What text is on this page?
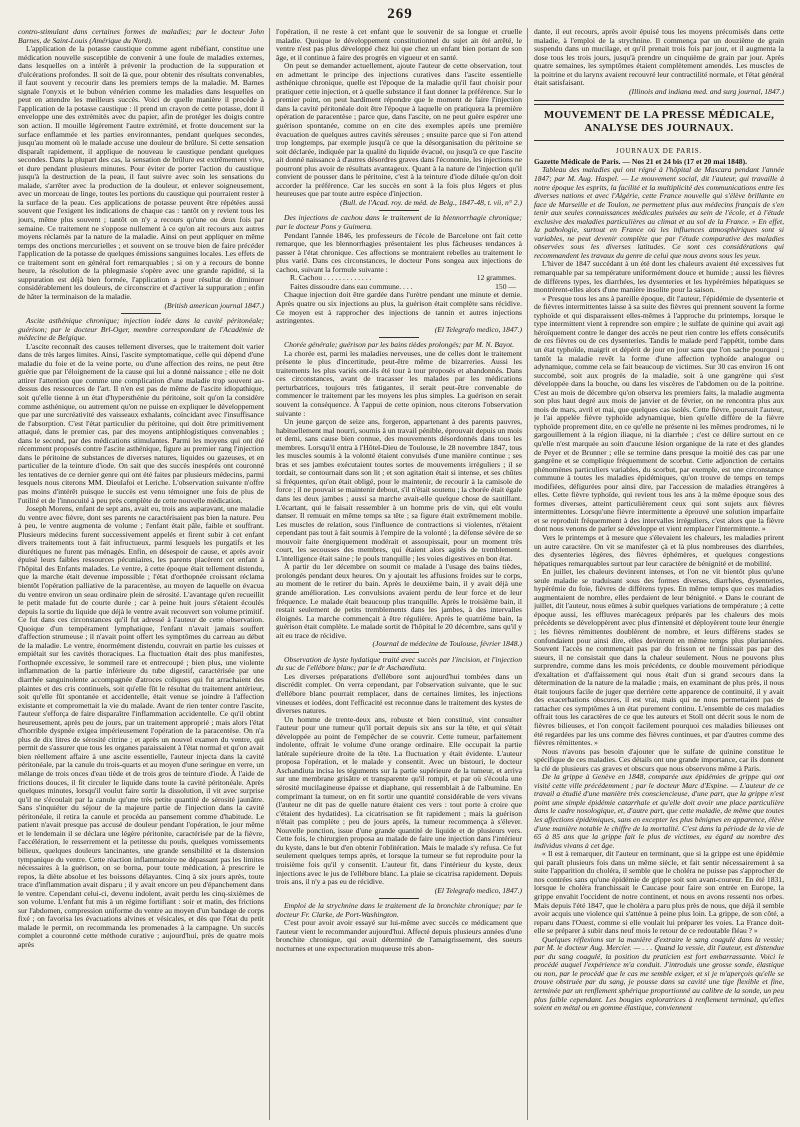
269

contro-stimulant dans certaines formes de maladies; par le docteur John Barnes, de Saint-Louis (Amérique du Nord).

L'application de la potasse caustique comme agent rubéfiant, constitue une médication nouvelle susceptible de convenir à une foule de maladies externes, dans lesquelles on a intérêt à prévenir la production de la suppuration et d'ulcérations profondes. Il soit de là que, pour obtenir des résultats convenables, il faut souvent y recourir dans les premiers temps de la maladie. M. Barnes signale l'onyxis et le bubon vénérien comme les maladies dans lesquelles on peut en attendre les meilleurs succès. Voici de quelle manière il procède à l'application de la potasse caustique : il prend un crayon de cette potasse, dont il enveloppe une des extrémités avec du papier, afin de protéger les doigts contre son action. Il mouille légèrement l'autre extrémité, et frotte doucement sur la surface enflammée et les parties environnantes, pendant quelques secondes, jusqu'au moment où le malade accuse une douleur de brûlure. Si cette sensation disparaît rapidement, il applique de nouveau le caustique pendant quelques secondes. Dans la plupart des cas, la sensation de brûlure est extrêmement vive, et dure pendant plusieurs minutes. Pour éviter de porter l'action du caustique jusqu'à la destruction de la peau, il faut suivre avec soin les sensations du malade, s'arrêter avec la production de la douleur, et enlever soigneusement, avec un morceau de linge, toutes les portions du caustique qui pourraient rester à la surface de la peau. Ces applications de potasse peuvent être répétées aussi souvent que l'exigent les indications de chaque cas : tantôt on y revient tous les jours, même plus souvent ; tantôt on n'y a recours qu'une ou deux fois par semaine. Ce traitement ne s'oppose nullement à ce qu'on ait recours aux autres moyens réclamés par la nature de la maladie. Ainsi on peut appliquer en même temps des onctions mercurielles ; et souvent on se trouve bien de faire précéder l'application de la potasse de quelques émissions sanguines locales. Les effets de ce traitement sont en général fort remarquables ; si on y a recours de bonne heure, la résolution de la phlegmasie s'opère avec une grande rapidité, si la suppuration est déjà bien formée, l'application a pour résultat de diminuer considérablement les douleurs, de circonscrire et d'activer la suppuration ; enfin de hâter la terminaison de la maladie.

(British american journal 1847.)

Ascite asthénique chronique; injection iodée dans la cavité péritonéale; guérison; par le docteur Brl-Oger, membre correspondant de l'Académie de médecine de Belgique.

L'ascite reconnaît des causes tellement diverses, que le traitement doit varier dans de très larges limites. Ainsi, l'ascite symptomatique, celle qui dépend d'une maladie du foie et de la veine porte, ou d'une affection des reins, ne peut être guérie que par l'éloignement de la cause qui lui a donné naissance ; elle ne doit attirer l'attention que comme une complication d'une maladie trop souvent au-dessus des ressources de l'art. Il n'en est pas de même de l'ascite idiopathique, soit qu'elle tienne à un état d'hypersthénie du péritoine, soit qu'on la considère comme asthénique, ou autrement qu'on ne puisse en expliquer le développement que par une surcréativité des vaisseaux exhalants, coïncidant avec l'insuffisance de l'absorption. C'est l'état particulier du péritoine, qui doit être primitivement attaqué, dans le premier cas, par des moyens antiphlogistiques convenables ; dans le second, par des médications stimulantes. Parmi les moyens qui ont été récemment proposés contre l'ascite asthénique, figure au premier rang l'injection dans le péritoine de substances de diverses natures, liquides ou gazeuses, et en particulier de la teinture d'iode. On sait que des succès inespérés ont couronné les tentatives de ce dernier genre qui ont été faites par plusieurs médecins, parmi lesquels nous citerons MM. Dieulafoi et Leriche. L'observation suivante n'offre pas moins d'intérêt puisque le succès est venu témoigner une fois de plus de l'utilité et de l'innocuité à peu près complète de cette nouvelle médication.

Joseph Morens, enfant de sept ans, avait eu, trois ans auparavant, une maladie du ventre avec fièvre, dont ses parents ne caractérisaient pas bien la nature. Peu à peu, le ventre augmenta de volume ; l'enfant était pâle, faible et souffrant. Plusieurs médecins furent successivement appelés et firent subir à cet enfant divers traitements tout à fait infructueux, parmi lesquels les purgatifs et les diurétiques ne furent pas ménagés. Enfin, en désespoir de cause, et après avoir épuisé leurs faibles ressources pécuniaires, les parents placèrent cet enfant à l'hôpital des Enfants malades. Le ventre, à cette époque était tellement distendu, que la marche était devenue impossible ; l'état d'orthopnée croissant réclama bientôt l'opération palliative de la paracentèse, au moyen de laquelle on évacua du ventre environ un seau ordinaire plein de sérosité. L'avantage qu'en recueillit le petit malade fut de courte durée ; car à peine huit jours s'étaient écoulés depuis la sortie du liquide que déjà le ventre avait recouvert son volume primitif. Ce fut dans ces circonstances qu'il fut adressé à l'auteur de cette observation. Quoique d'un tempérament lymphatique, l'enfant n'avait jamais souffert d'affection strumeuse ; il n'avait point offert les symptômes du carreau au début de la maladie. Le ventre, énormément distendu, couvrait en partie les cuisses et empiétait sur les cavités thoraciques. La fluctuation était des plus manifestes, l'orthopnée excessive, le sommeil rare et entrecoupé ; bien plus, une violente inflammation de la partie inférieure du tube digestif, caractérisée par une diarrhée sanguinolente accompagnée d'atroces coliques qui fut arrachaient des plaintes et des cris continuels, soit qu'elle fût le résultat du traitement antérieur, soit qu'elle fût spontanée et accidentelle, était venue se joindre à l'affection existante et compromettait la vie du malade. Avant de rien tenter contre l'ascite, l'auteur s'efforça de faire disparaître l'inflammation accidentelle. Ce qu'il obtint heureusement, après peu de jours, par un traitement approprié ; mais alors l'état d'horrible dyspnée exigea impérieusement l'opération de la paracentèse. On n'a plus de dix litres de sérosité citrine ; et après un nouvel examen du ventre, qui permit de s'assurer que tous les organes paraissaient à l'état normal et qu'on avait bien réellement affaire à une ascite essentielle, l'auteur injecta dans la cavité péritonéale, par la canule du trois-quarts et au moyen d'une seringue en verre, un mélange de trois onces d'eau tiède et de trois gros de teinture d'iode. À l'aide de frictions douces, il fit circuler le liquide dans toute la cavité péritonéale. Après quelques minutes, lorsqu'il voulut faire sortir la dissolution, il vit avec surprise qu'il ne s'écoulait par la canule qu'une très petite quantité de sérosité jaunâtre. Sans s'inquiéter du séjour de la majeure partie de l'injection dans la cavité péritonéale, il retira la canule et procéda au pansement comme d'habitude. Le patient n'avait presque pas accusé de douleur pendant l'opération, le jour même et le lendemain il se déclara une légère péritonite, caractérisée par de la fièvre, l'accélération, le resserrement et la petitesse du pouls, quelques vomissements bilieux, quelques douleurs lancinantes, une grande sensibilité et la distension tympanique du ventre. Cette réaction inflammatoire ne dépassant pas les limites nécessaires à la guérison, on se borna, pour toute médication, à prescrire le repos, la diète absolue et les boissons délayantes. Cinq à six jours après, toute trace d'inflammation avait disparu ; il y avait encore un peu d'épanchement dans le ventre. Cependant celui-ci, devenu indolent, avait perdu les cinq-sixièmes de son volume. L'enfant fut mis à un régime fortifiant : soir et matin, des frictions sur l'abdomen, compression uniforme du ventre au moyen d'un bandage de corps fixé ; on favorisa les évacuations alvines et vésicales, et dès que l'état du petit malade le permit, on recommanda les promenades à la campagne. Un succès complet a couronné cette méthode curative ; aujourd'hui, près de quatre mois après

l'opération, il ne reste à cet enfant que le souvenir de sa longue et cruelle maladie. Quoique le développement constitutionnel du sujet ait été arrêté, le ventre n'est pas plus développé chez lui que chez un enfant bien portant de son âge, et il continue à faire des progrès en vigueur et en santé.

On peut se demander actuellement, ajoute l'auteur de cette observation, tout en admettant le principe des injections curatives dans l'ascite essentielle asthénique chronique, quelle est l'époque de la maladie qu'il faut choisir pour pratiquer cette injection, et à quelle substance il faut donner la préférence. Sur le premier point, on peut hardiment répondre que le moment de faire l'injection dans la cavité péritonéale doit être l'époque à laquelle on pratiquera la première opération de paracentèse ; parce que, dans l'ascite, on ne peut guère espérer une guérison spontanée, comme on en cite des exemples après une première évacuation de quelques autres cavités séreuses ; ensuite parce que si l'on attend trop longtemps, par exemple jusqu'à ce que la désorganisation du péritoine se soit déclarée, indiquée par la qualité du liquide évacué, ou jusqu'à ce que l'ascite ait donné naissance à d'autres désordres graves dans l'économie, les injections ne pourront plus avoir de résultats avantageux. Quant à la nature de l'injection qu'il convient de pousser dans le péritoine, c'est à la teinture d'iode diluée qu'on doit accorder la préférence. Car les succès en sont à la fois plus légers et plus heureuses que par toute autre espèce d'injection.

(Bull. de l'Acad. roy. de méd. de Belg., 1847-48, t. vii, n° 2.)

Des injections de cachou dans le traitement de la blennorrhagie chronique; par le docteur Pons y Guimera.

Pendant l'année 1846, les professeurs de l'école de Barcelone ont fait cette remarque, que les blennorrhagies présentaient les plus fâcheuses tendances à passer à l'état chronique. Ces affections se montraient rebelles au traitement le plus varié. Dans ces circonstances, le docteur Pons songea aux injections de cachou, suivant la formule suivante :

R. Cachou . . . . . . . . . . . . .	12 grammes.
Faites dissoudre dans eau commune. . . .	150 —

Chaque injection doit être gardée dans l'urètre pendant une minute et demie. Après quatre ou six injections au plus, la guérison était complète sans récidive. Ce moyen est à rapprocher des injections de tannin et autres injections astringentes.

(El Telegrafo medico, 1847.)

Chorée générale; guérison par les bains tièdes prolongés; par M. N. Bayot.

La chorée est, parmi les maladies nerveuses, une de celles dont le traitement présente le plus d'incertitude, peut-être même de bizarreries. Aussi les traitements les plus variés ont-ils été tour à tour proposés et abandonnés. Dans ces circonstances, avant de tracasser les malades par les médications perturbatrices, toujours très fatigantes, il serait peut-être convenable de commencer le traitement par les moyens les plus simples. La guérison en serait souvent la conséquence. À l'appui de cette opinion, nous citerons l'observation suivante :

Un jeune garçon de seize ans, forgeron, appartenant à des parents pauvres, habituellement mal nourri, soumis à un travail pénible, éprouvait depuis un mois et demi, sans cause bien connue, des mouvements désordonnés dans tous les membres. Lorsqu'il entra à l'Hôtel-Dieu de Toulouse, le 28 novembre 1847, tous les muscles soumis à la volonté étaient convulsés d'une manière continue ; ses bras et ses jambes exécutaient toutes sortes de mouvements irréguliers ; il se tordait, se contournait dans son lit ; et son agitation était si intense, et ses chûtes si fréquentes, qu'on était obligé, pour le maintenir, de recourir à la camisole de force ; il ne pouvait se maintenir debout, s'il n'était soutenu ; la chorée était égale dans les deux jambes ; aussi sa marche avait-elle quelque chose de sautillant. L'écartant, qui le faisait ressembler à un homme pris de vin, qui eût voulu danser. Il remuait en même temps sa tête ; sa figure était extrêmement mobile. Les muscles de relation, sous l'influence de contractions si violentes, n'étaient cependant pas tout à fait soumis à l'empire de la volonté ; la défense sévère de se mouvoir faite énergiquement modérait et assoupissait, pour un moment très court, les secousses des membres, qui étaient alors agités de tremblement. L'intelligence était saine ; le pouls tranquille ; les voies digestives en bon état.

À partir du 1er décembre on soumit ce malade à l'usage des bains tièdes, prolongés pendant deux heures. On y ajoutait les affusions froides sur le corps, au moment de le retirer du bain. Après le deuxième bain, il y avait déjà une grande amélioration. Les convulsions avaient perdu de leur force et de leur fréquence. Le malade était beaucoup plus tranquille. Après le troisième bain, il restait seulement de petits tremblements dans les jambes, à des intervalles éloignés. La marche commençait à être régulière. Après le quatrième bain, la guérison était complète. Le malade sortit de l'hôpital le 20 décembre, sans qu'il y ait eu trace de récidive.

(Journal de médecine de Toulouse, février 1848.)

Observation de kyste hydatique traité avec succès par l'incision, et l'injection du suc de l'ellébore blanc; par le dr Aschandiuta.

Les diverses préparations d'ellébore sont aujourd'hui tombées dans un discrédit complet. On verra cependant, par l'observation suivante, que le suc d'ellébore blanc pourrait remplacer, dans de certaines limites, les injections vineuses et iodées, dont l'efficacité est reconnue dans le traitement des kystes de diverses natures.

Un homme de trente-deux ans, robuste et bien constitué, vint consulter l'auteur pour une tumeur qu'il portait depuis six ans sur la tête, et qui s'était développée au point de l'empêcher de se couvrir. Cette tumeur, parfaitement indolente, offrait le volume d'une orange ordinaire. Elle occupait la partie latérale supérieure droite de la tête. La fluctuation y était évidente. L'auteur proposa l'opération, et le malade y consentit. Avec un bistouri, le docteur Aschandiuta incisa les téguments sur la partie supérieure de la tumeur, et arriva sur une membrane grisâtre et transparente qu'il rompit, et par où s'écoula une sérosité mucilagineuse épaisse et diaphane, qui ressemblait à de l'albumine. En comprimant la tumeur, on en fit sortir une quantité considérable de vers vivans (l'auteur ne dit pas de quelle nature étaient ces vers : tout porte à croire que c'étaient des hydatides). La cicatrisation se fit rapidement ; mais la guérison n'était pas complète ; peu de jours après, la tumeur recommença à s'élever. Nouvelle ponction, issue d'une grande quantité de liquide et de plusieurs vers. Cette fois, le chirurgien proposa au malade de faire une injection dans l'intérieur du kyste, dans le but d'en obtenir l'oblitération. Mais le malade s'y refusa. Ce fut seulement quelques temps après, et lorsque la tumeur se fut reproduite pour la troisième fois qu'il y consentit. L'auteur fit, dans l'intérieur du kyste, deux injections avec le jus de l'ellébore blanc. La plaie se cicatrisa rapidement. Depuis trois ans, il n'y a pas eu de récidive.

(El Telegrafo medico, 1847.)

Emploi de la strychnine dans le traitement de la bronchite chronique; par le docteur Fr. Clarke, de Port-Washington.

C'est pour avoir avoir essayé sur lui-même avec succès ce médicament que l'auteur vient le recommander aujourd'hui. Affecté depuis plusieurs années d'une bronchite chronique, qui avait déterminé de l'amaigrissement, des sueurs nocturnes et une expectoration muqueuse très abon-

dante, il eut recours, après avoir épuisé tous les moyens précomisés dans cette maladie, à l'emploi de la strychnine. Il commença par un douzième de grain suspendu dans un mucilage, et qu'il prenait trois fois par jour, et il augmenta la dose tous les trois jours, jusqu'à prendre un cinquième de grain par jour. Après quatre semaines, les symptômes étaient complètement amendés. Les muscles de la poitrine et du larynx avaient recouvré leur contractilité normale, et l'état général était satisfaisant.

(Illinois and indiana med. and surg journal, 1847.)
MOUVEMENT DE LA PRESSE MÉDICALE, ANALYSE DES JOURNAUX.
JOURNAUX DE PARIS.

Gazette Médicale de Paris. — Nos 21 et 24 bis (17 et 20 mai 1848).

Tableau des maladies qui ont régné à l'hôpital de Mascara pendant l'année 1847; par M. Aug. Haspel. — Le mouvement social, dit l'auteur, qui travaille à notre époque les esprits, la facilité et la multiplicité des communications entre les diverses nations et avec l'Algérie, cette France nouvelle qui s'élève brillante en face de Marseille et de Toulon, ne permettent plus aux médecins français de s'en tenir aux seules connaissances médicales puisées au sein de l'école, et à l'étude exclusive des maladies particulières au climat et au sol de la France. » En effet, la pathologie, surtout en France où les influences atmosphériques sont si variables, ne peut devenir complète que par l'étude comparative des maladies observées sous les diverses latitudes. Ce sont ces considérations qui recommandent les travaux du genre de celui que nous avons sous les yeux.

L'hiver de 1847 succédant à un été dont les chaleurs avaient été excessives fut remarquable par sa température uniformément douce et humide ; aussi les fièvres de différens types, les diarrhées, les dysenteries et les hypérémies hépatiques se montrèrent-elles alors d'une manière insolite pour la saison.

« Presque tous les ans à pareille époque, dit l'auteur, l'épidémie de dysenterie et de fièvres intermittentes laisse à sa suite des fièvres qui prennent souvent la forme typhoïde et qui disparaissent elles-mêmes à l'approche du printemps, lorsque le type intermittent vient à reprendre son empire ; le sulfate de quinine qui avait agi héroïquement contre le danger des accès ne peut rien contre les effets consécutifs de ces fièvres ou de ces dysenteries. Tandis le malade perd l'appétit, tombe dans un état typhoïde, maigrit et dépérit de jour en jour sans que l'on sache pourquoi ; tantôt la maladie revêt la forme d'une affection typhoïde analogue ou adynamique, comme cela se fait beaucoup de victimes. Sur 30 cas environ 16 ont succombé, soit aux progrès de la maladie, soit à une gangrène qui s'est développée dans la bouche, ou dans les viscères de l'abdomen ou de la poitrine. C'est au mois de décembre qu'on observa les premiers faits, la maladie augmenta son plus haut degré aux mois de janvier et de février, on ne rencontra plus aux mois de mars, avril et mai, que quelques cas isolés. Cette fièvre, poursuit l'auteur, je l'ai appelée fièvre typhoïde adynamique, bien qu'elle diffère de la fièvre typhoïde proprement dite, en ce qu'elle ne présente ni les mêmes prodromes, ni le gargouillement à la région iliaque, ni la diarrhée ; c'est ce délire surtout en ce qu'elle n'est marquée au soin d'aucune lésion organique de la rate et des glandes de Peyer et de Brunner ; elle se termine dans presque la moitié des cas par une gangrène et se complique fréquemment de scorbut. Cette adjonction de certains phénomènes particuliers variables, du scorbut, par exemple, est une circonstance commune à toutes les maladies épidémiques, qu'on trouve de temps en temps modifiées, défigurées pour ainsi dire, par l'accession de maladies étrangères à elles. Cette fièvre typhoïde, qui revient tous les ans à la même époque sous des formes diverses, atteint particulièrement ceux qui sont sujets aux fièvres intermittentes. Lorsqu'une fièvre intermittente a éprouvé une solution imparfaite et se reproduit fréquemment à des intervalles irréguliers, c'est alors que la fièvre dont nous venons de parler se développe et vient remplacer l'intermittente. »

Vers le printemps et à mesure que s'élevaient les chaleurs, les maladies prirent un autre caractère. On vit se manifester çà et là plus nombreuses des diarrhées, des dysenteries légères, des fièvres éphémères, et quelques congestions hépatiques remarquables surtout par leur caractère de bénignité et de mobilité.

En juillet, les chaleurs devinrent intenses, et l'on ne vit bientôt plus qu'une seule maladie se traduisant sous des formes diverses, diarrhées, dysenteries, hypérémie du foie, fièvres de différens types. En même temps que ces maladies augmentaient de nombre, elles perdaient de leur bénignité. « Dans le courant de juillet, dit l'auteur, nous eûmes à subir quelques variations de température ; à cette époque aussi, les effluves marécageux préparés par les chaleurs des mois précédents se développèrent avec plus d'intensité et déployèrent toute leur énergie ; les fièvres rémittentes doublèrent de nombre, et leurs différens stades se confondaient pour ainsi dire, elles devinrent en même temps plus pluriannées. Souvent l'accès ne commençait pas par du frisson et ne finissait pas par des sueurs, il ne consistait que dans la chaleur seulement. Nous ne pouvons plus surprendre, comme dans les mois précédents, ce double mouvement périodique d'exaltation et d'affaissement qui nous était d'un si grand secours dans la détermination de la nature de la maladie ; mais, en examinant de plus près, il nous était toujours facile de juger que derrière cette apparence de continuité, il y avait des exacerbations obscures, il est vrai, mais qui ne nous permettaient pas de rattacher ces symptômes à un état purement continu. L'ensemble de ces maladies offrait tous les caractères de ce que les auteurs et Stoll ont décrit sous le nom de fièvres bilieuses, et l'on conçoit facilement pourquoi ces maladies bilieuses ont été regardées par les uns comme des fièvres continues, et par d'autres comme des fièvres rémittentes. »

Nous n'avons pas besoin d'ajouter que le sulfate de quinine constitue le spécifique de ces maladies. Ces détails ont une grande importance, car ils donnent la clé de plusieurs cas graves et obscurs que nous observons même à Paris.

De la grippe à Genève en 1848, comparée aux épidémies de grippe qui ont visité cette ville précédemment ; par le docteur Marc d'Espine. — L'auteur de ce travail a étudié d'une manière très consciencieuse, d'une part, que la grippe n'est point une simple épidémie catarrhale et qu'elle doit avoir une place particulière dans le cadre nosologique, et, d'autre part, que cette maladie, de même que toutes les affections épidémiques, sans en excepter les plus bénignes en apparence, élève d'une manière notable le chiffre de la mortalité. C'est dans la période de la vie de 65 à 85 ans que la grippe fait le plus de victimes, eu égard au nombre des individus vivans à cet âge.

« Il est à remarquer, dit l'auteur en terminant, que si la grippe est une épidémie qui paraît plusieurs fois dans un même siècle, et fait sentir nécessairement à sa suite l'apparition du choléra, il semble que le choléra ne puisse pas s'approcher de nos contrées sans qu'une épidémie de grippe soit son avant-coureur. En été 1831, lorsque le choléra franchissait le Caucase pour faire son entrée en Europe, la grippe envahit l'occident de notre continent, et nous en avons ressenti nos orbes. Mais depuis l'été 1847, que le choléra a paru plus près de nous, que déjà il semble avoir acquis une violence qui s'atténue à peine plus loin. La grippe, de son côté, a reparu dans l'Ouest, comme si elle voulait lui préparer les voies. La France doit-elle se préparer à subir dans neuf mois le retour de ce redoutable fléau ? »

Quelques réflexions sur la manière d'extraire le sang coagulé dans la vessie; par M. le docteur Aug. Mercier. — . . . Quand la vessie, dit l'auteur, est distendue par du sang coagulé, la position du praticien est fort embarrassante. Voici le procédé auquel l'expérience m'a conduit. J'introduis une grosse sonde, élastique ou non, par le procédé que le cas me semble exiger, et si je m'aperçois qu'elle se trouve obstruée par du sang, je pousse dans sa cavité une tige flexible et fine, terminée par un renflement sphérique proportionné au calibre de la sonde, un peu plus faible cependant. Les bougies exploratrices à renflement terminal, qu'elles soient en métal ou en gomme élastique, conviennent
